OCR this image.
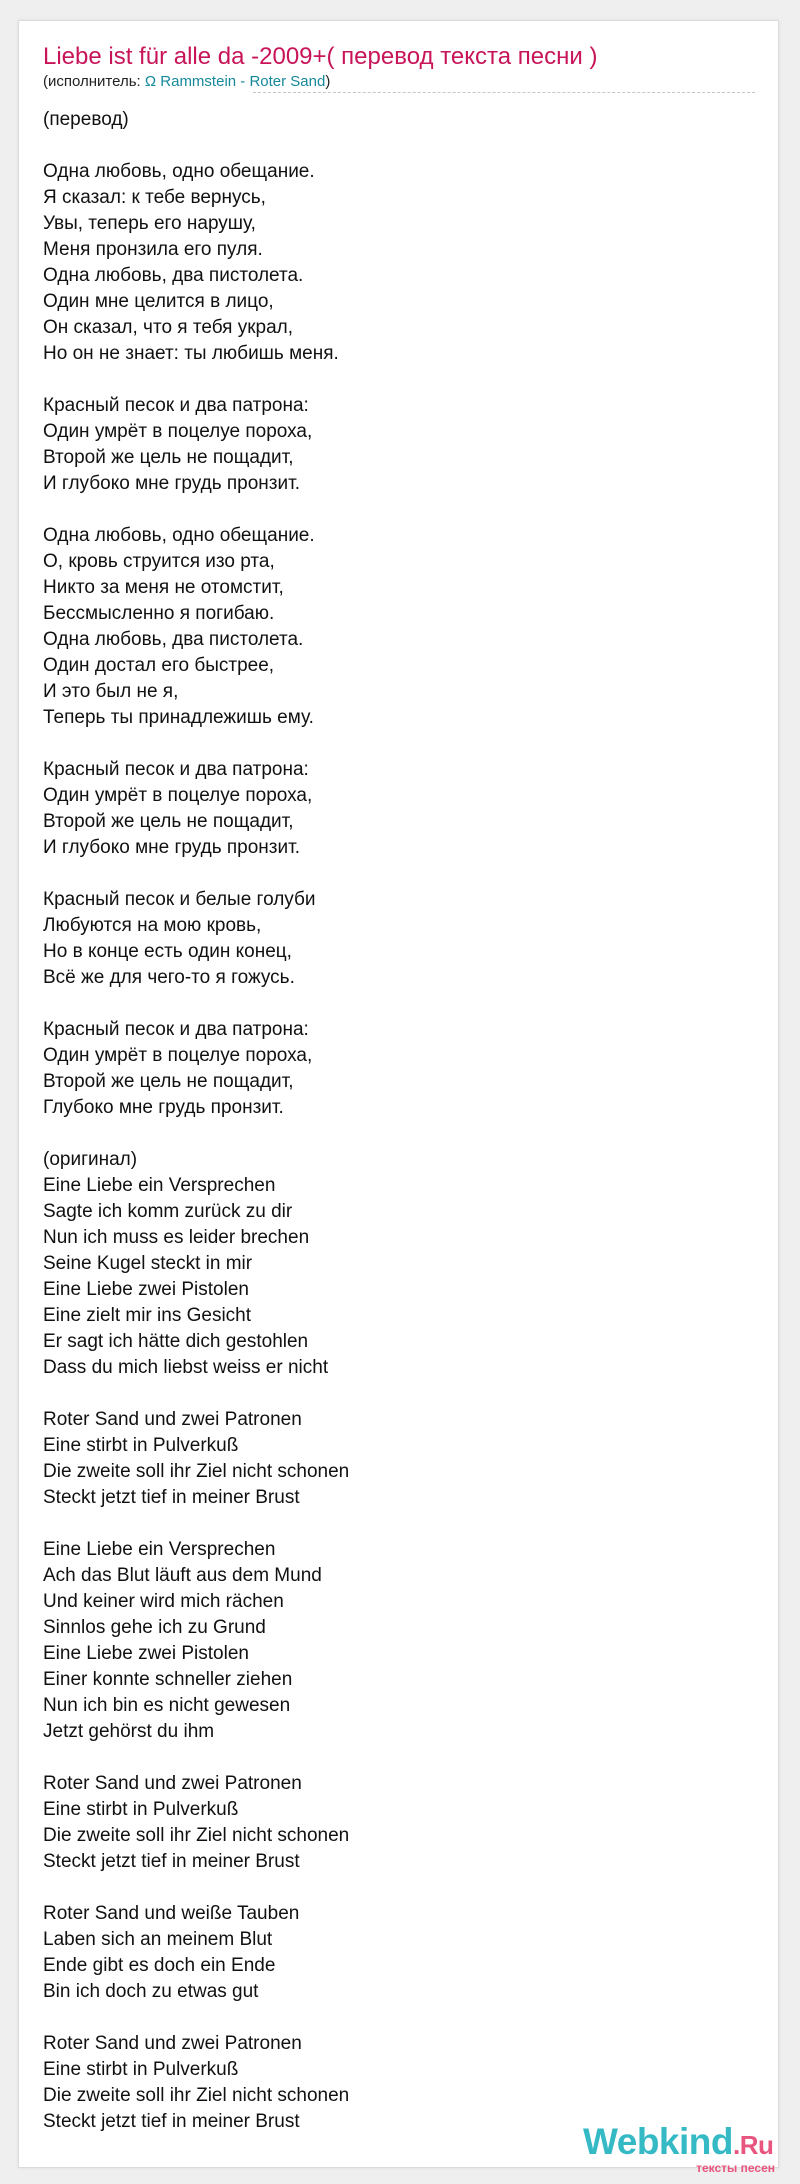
Liebe ist für alle da -2009+( перевод текста песни )
(исполнитель: Ω Rammstein - Roter Sand)
(перевод)
Одна любовь, одно обещание.
Я сказал: к тебе вернусь,
Увы, теперь его нарушу,
Меня пронзила его пуля.
Одна любовь, два пистолета.
Один мне целится в лицо,
Он сказал, что я тебя украл,
Но он не знает: ты любишь меня.
Красный песок и два патрона:
Один умрёт в поцелуе пороха,
Второй же цель не пощадит,
И глубоко мне грудь пронзит.
Одна любовь, одно обещание.
О, кровь струится изо рта,
Никто за меня не отомстит,
Бессмысленно я погибаю.
Одна любовь, два пистолета.
Один достал его быстрее,
И это был не я,
Теперь ты принадлежишь ему.
Красный песок и два патрона:
Один умрёт в поцелуе пороха,
Второй же цель не пощадит,
И глубоко мне грудь пронзит.
Красный песок и белые голуби
Любуются на мою кровь,
Но в конце есть один конец,
Всё же для чего-то я гожусь.
Красный песок и два патрона:
Один умрёт в поцелуе пороха,
Второй же цель не пощадит,
Глубоко мне грудь пронзит.
(оригинал)
Eine Liebe ein Versprechen
Sagte ich komm zurück zu dir
Nun ich muss es leider brechen
Seine Kugel steckt in mir
Eine Liebe zwei Pistolen
Eine zielt mir ins Gesicht
Er sagt ich hätte dich gestohlen
Dass du mich liebst weiss er nicht
Roter Sand und zwei Patronen
Eine stirbt in Pulverkuß
Die zweite soll ihr Ziel nicht schonen
Steckt jetzt tief in meiner Brust
Eine Liebe ein Versprechen
Ach das Blut läuft aus dem Mund
Und keiner wird mich rächen
Sinnlos gehe ich zu Grund
Eine Liebe zwei Pistolen
Einer konnte schneller ziehen
Nun ich bin es nicht gewesen
Jetzt gehörst du ihm
Roter Sand und zwei Patronen
Eine stirbt in Pulverkuß
Die zweite soll ihr Ziel nicht schonen
Steckt jetzt tief in meiner Brust
Roter Sand und weiße Tauben
Laben sich an meinem Blut
Ende gibt es doch ein Ende
Bin ich doch zu etwas gut
Roter Sand und zwei Patronen
Eine stirbt in Pulverkuß
Die zweite soll ihr Ziel nicht schonen
Steckt jetzt tief in meiner Brust	Webkind.Ru
тексты песен
